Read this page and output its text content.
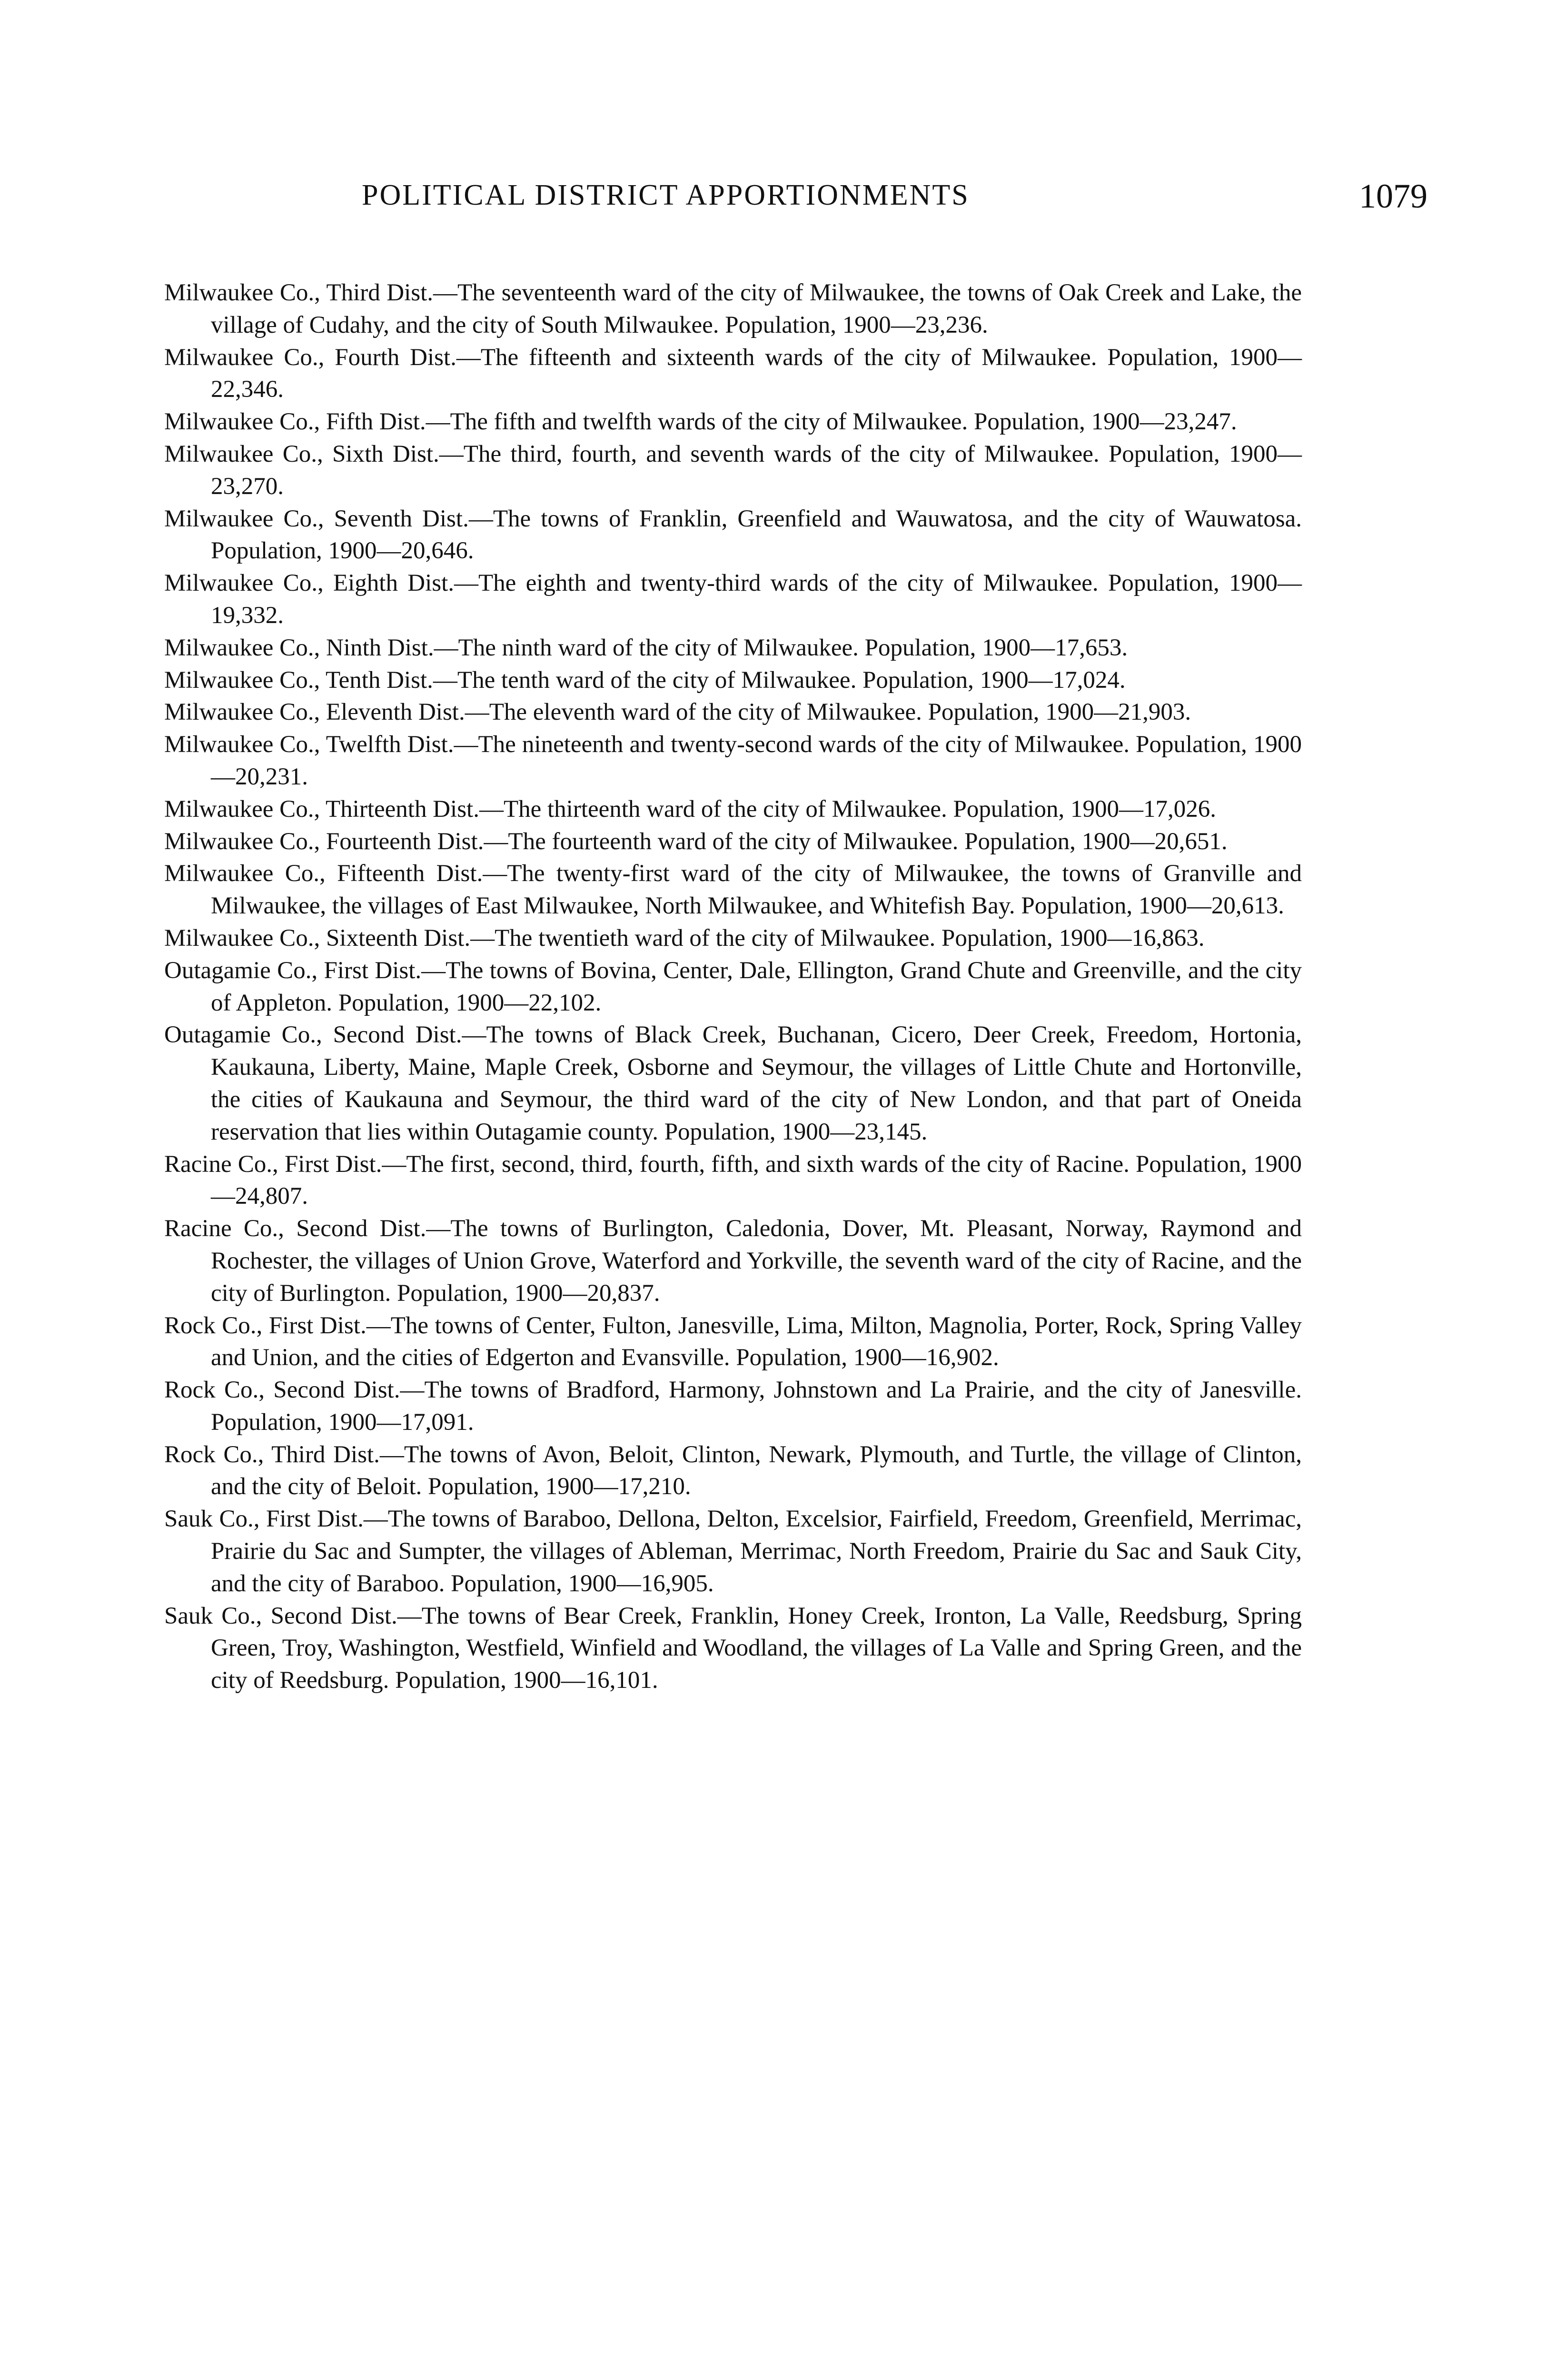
POLITICAL DISTRICT APPORTIONMENTS	1079

Milwaukee Co., Third Dist.—The seventeenth ward of the city of Milwaukee, the towns of Oak Creek and Lake, the village of Cudahy, and the city of South Milwaukee. Population, 1900—23,236.

Milwaukee Co., Fourth Dist.—The fifteenth and sixteenth wards of the city of Milwaukee. Population, 1900—22,346.

Milwaukee Co., Fifth Dist.—The fifth and twelfth wards of the city of Milwaukee. Population, 1900—23,247.

Milwaukee Co., Sixth Dist.—The third, fourth, and seventh wards of the city of Milwaukee. Population, 1900—23,270.

Milwaukee Co., Seventh Dist.—The towns of Franklin, Greenfield and Wauwatosa, and the city of Wauwatosa. Population, 1900—20,646.

Milwaukee Co., Eighth Dist.—The eighth and twenty-third wards of the city of Milwaukee. Population, 1900—19,332.

Milwaukee Co., Ninth Dist.—The ninth ward of the city of Milwaukee. Population, 1900—17,653.

Milwaukee Co., Tenth Dist.—The tenth ward of the city of Milwaukee. Population, 1900—17,024.

Milwaukee Co., Eleventh Dist.—The eleventh ward of the city of Milwaukee. Population, 1900—21,903.

Milwaukee Co., Twelfth Dist.—The nineteenth and twenty-second wards of the city of Milwaukee. Population, 1900—20,231.

Milwaukee Co., Thirteenth Dist.—The thirteenth ward of the city of Milwaukee. Population, 1900—17,026.

Milwaukee Co., Fourteenth Dist.—The fourteenth ward of the city of Milwaukee. Population, 1900—20,651.

Milwaukee Co., Fifteenth Dist.—The twenty-first ward of the city of Milwaukee, the towns of Granville and Milwaukee, the villages of East Milwaukee, North Milwaukee, and Whitefish Bay. Population, 1900—20,613.

Milwaukee Co., Sixteenth Dist.—The twentieth ward of the city of Milwaukee. Population, 1900—16,863.

Outagamie Co., First Dist.—The towns of Bovina, Center, Dale, Ellington, Grand Chute and Greenville, and the city of Appleton. Population, 1900—22,102.

Outagamie Co., Second Dist.—The towns of Black Creek, Buchanan, Cicero, Deer Creek, Freedom, Hortonia, Kaukauna, Liberty, Maine, Maple Creek, Osborne and Seymour, the villages of Little Chute and Hortonville, the cities of Kaukauna and Seymour, the third ward of the city of New London, and that part of Oneida reservation that lies within Outagamie county. Population, 1900—23,145.

Racine Co., First Dist.—The first, second, third, fourth, fifth, and sixth wards of the city of Racine. Population, 1900—24,807.

Racine Co., Second Dist.—The towns of Burlington, Caledonia, Dover, Mt. Pleasant, Norway, Raymond and Rochester, the villages of Union Grove, Waterford and Yorkville, the seventh ward of the city of Racine, and the city of Burlington. Population, 1900—20,837.

Rock Co., First Dist.—The towns of Center, Fulton, Janesville, Lima, Milton, Magnolia, Porter, Rock, Spring Valley and Union, and the cities of Edgerton and Evansville. Population, 1900—16,902.

Rock Co., Second Dist.—The towns of Bradford, Harmony, Johnstown and La Prairie, and the city of Janesville. Population, 1900—17,091.

Rock Co., Third Dist.—The towns of Avon, Beloit, Clinton, Newark, Plymouth, and Turtle, the village of Clinton, and the city of Beloit. Population, 1900—17,210.

Sauk Co., First Dist.—The towns of Baraboo, Dellona, Delton, Excelsior, Fairfield, Freedom, Greenfield, Merrimac, Prairie du Sac and Sumpter, the villages of Ableman, Merrimac, North Freedom, Prairie du Sac and Sauk City, and the city of Baraboo. Population, 1900—16,905.

Sauk Co., Second Dist.—The towns of Bear Creek, Franklin, Honey Creek, Ironton, La Valle, Reedsburg, Spring Green, Troy, Washington, Westfield, Winfield and Woodland, the villages of La Valle and Spring Green, and the city of Reedsburg. Population, 1900—16,101.
